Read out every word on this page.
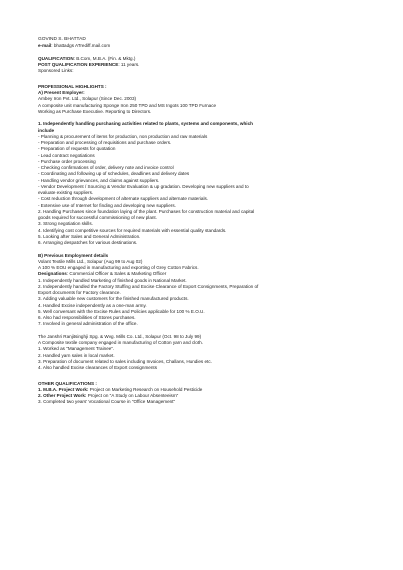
GOVIND S. BHATTAD
e-mail: bhattadgs ATrediff.mail.com
QUALIFICATION: B.Com, M.B.A. (Fin. & Mktg.)
POST QUALIFICATION EXPERIENCE: 11 years.
Sponsored Links:
PROFESSIONAL HIGHLIGHTS :
A) Present Employer:
Ambey Iron Pvt. Ltd., Solapur (Since Dec. 2003)
A composite unit manufacturing Sponge Iron 250 TPD and MS Ingots 100 TPD Furnace
Working as Purchase Executive. Reporting to Directors.
1. Independently handling purchasing activities related to plants, systems and components, which
include
- Planning & procurement of items for production, non production and raw materials
- Preparation and processing of requisitions and purchase orders.
- Preparation of requests for quotation
- Lead contract negotiations
- Purchase order processing
- Checking confirmations of order, delivery note and invoice control
- Coordinating and following up of schedules, deadlines and delivery dates
- Handling vendor grievances, and claims against suppliers.
- Vendor Development / Sourcing & Vendor Evaluation & up gradation. Developing new suppliers and to
evaluate existing suppliers.
- Cost reduction through development of alternate suppliers and alternate materials.
- Extensive use of Internet for finding and developing new suppliers.
2. Handling Purchases since foundation laying of the plant. Purchases for construction material and capital
goods required for successful commissioning of new plant.
3. Strong negotiation skills.
4. Identifying cost competitive sources for required materials with essential quality standards.
5. Looking after Sales and General Administration.
6. Arranging despatches for various destinations.
B) Previous Employment details
Volant Textile Mills Ltd., Solapur (Aug 99 to Aug 02)
A 100 % EOU engaged in manufacturing and exporting of Grey Cotton Fabrics.
Designations: Commercial Officer & Sales & Marketing Officer
1. Independently handled Marketing of finished goods in National Market.
2. Independently handled the Factory Stuffing and Excise Clearance of Export Consignments, Preparation of
Export documents for Factory clearance.
3. Adding valuable new customers for the finished manufactured products.
4. Handled Excise independently as a one-man army.
5. Well conversant with the Excise Rules and Policies applicable for 100 % E.O.U.
6. Also had responsibilities of Stores purchases.
7. Involved in general administration of the office.
The Janshri Ranjitsinghji Spg. & Wvg. Mills Co. Ltd., Solapur (Oct. 98 to July 99)
A Composite textile company engaged in manufacturing of Cotton yarn and cloth.
1. Worked as "Management Trainee".
2. Handled yarn sales in local market.
3. Preparation of document related to sales including Invoices, Challans, Hundies etc.
4. Also handled Excise clearances of Export consignments
OTHER QUALIFICATIONS :
1. M.B.A. Project Work: Project on Marketing Research on Household Pesticide
2. Other Project Work: Project on "A Study on Labour Absenteeism"
3. Completed two years' Vocational Course in "Office Management"
